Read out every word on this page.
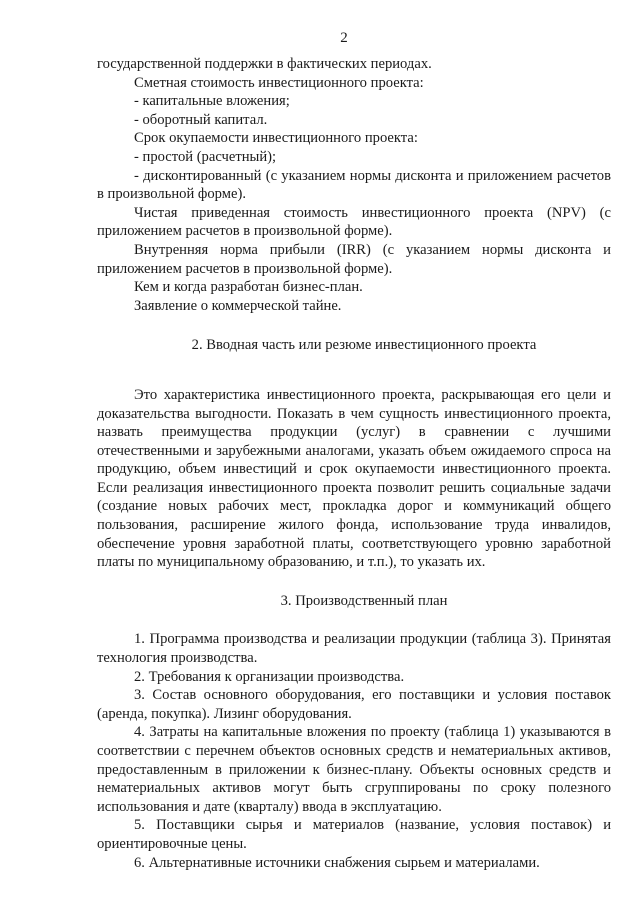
2

государственной поддержки в фактических периодах.

Сметная стоимость инвестиционного проекта:

- капитальные вложения;

- оборотный капитал.

Срок окупаемости инвестиционного проекта:

- простой (расчетный);

- дисконтированный (с указанием нормы дисконта и приложением расчетов в произвольной форме).

Чистая приведенная стоимость инвестиционного проекта (NPV) (с приложением расчетов в произвольной форме).

Внутренняя норма прибыли (IRR) (с указанием нормы дисконта и приложением расчетов в произвольной форме).

Кем и когда разработан бизнес-план.

Заявление о коммерческой тайне.

2. Вводная часть или резюме инвестиционного проекта

Это характеристика инвестиционного проекта, раскрывающая его цели и доказательства выгодности. Показать в чем сущность инвестиционного проекта, назвать преимущества продукции (услуг) в сравнении с лучшими отечественными и зарубежными аналогами, указать объем ожидаемого спроса на продукцию, объем инвестиций и срок окупаемости инвестиционного проекта. Если реализация инвестиционного проекта позволит решить социальные задачи (создание новых рабочих мест, прокладка дорог и коммуникаций общего пользования, расширение жилого фонда, использование труда инвалидов, обеспечение уровня заработной платы, соответствующего уровню заработной платы по муниципальному образованию, и т.п.), то указать их.

3. Производственный план

1. Программа производства и реализации продукции (таблица 3). Принятая технология производства.

2. Требования к организации производства.

3. Состав основного оборудования, его поставщики и условия поставок (аренда, покупка). Лизинг оборудования.

4. Затраты на капитальные вложения по проекту (таблица 1) указываются в соответствии с перечнем объектов основных средств и нематериальных активов, предоставленным в приложении к бизнес-плану. Объекты основных средств и нематериальных активов могут быть сгруппированы по сроку полезного использования и дате (кварталу) ввода в эксплуатацию.

5. Поставщики сырья и материалов (название, условия поставок) и ориентировочные цены.

6. Альтернативные источники снабжения сырьем и материалами.
